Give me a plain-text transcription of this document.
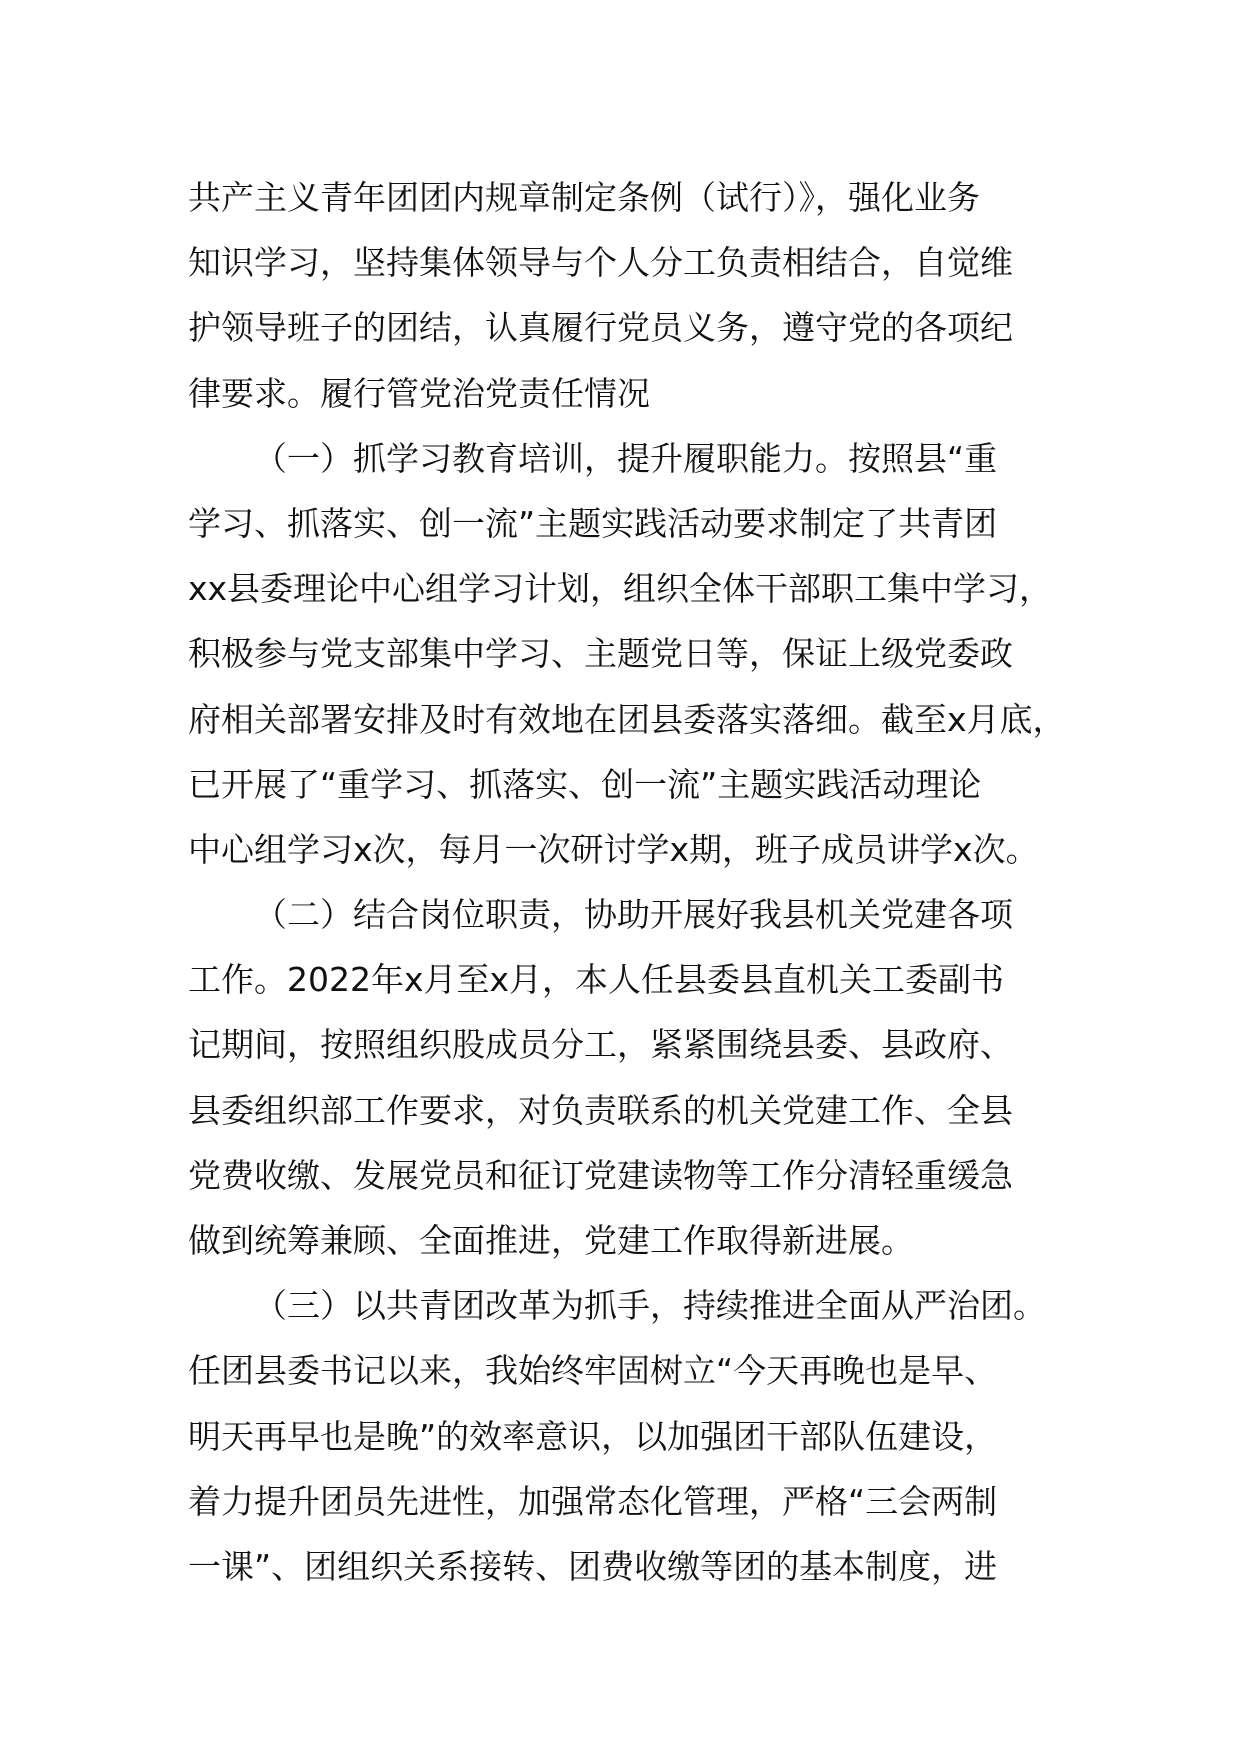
共产主义青年团团内规章制定条例（试行）》，强化业务
知识学习，坚持集体领导与个人分工负责相结合，自觉维
护领导班子的团结，认真履行党员义务，遵守党的各项纪
律要求。履行管党治党责任情况
（一）抓学习教育培训，提升履职能力。按照县“重
学习、抓落实、创一流”主题实践活动要求制定了共青团
xx县委理论中心组学习计划，组织全体干部职工集中学习，
积极参与党支部集中学习、主题党日等，保证上级党委政
府相关部署安排及时有效地在团县委落实落细。截至x月底，
已开展了“重学习、抓落实、创一流”主题实践活动理论
中心组学习x次，每月一次研讨学x期，班子成员讲学x次。
（二）结合岗位职责，协助开展好我县机关党建各项
工作。2022年x月至x月，本人任县委县直机关工委副书
记期间，按照组织股成员分工，紧紧围绕县委、县政府、
县委组织部工作要求，对负责联系的机关党建工作、全县
党费收缴、发展党员和征订党建读物等工作分清轻重缓急
做到统筹兼顾、全面推进，党建工作取得新进展。
（三）以共青团改革为抓手，持续推进全面从严治团。
任团县委书记以来，我始终牢固树立“今天再晚也是早、
明天再早也是晚”的效率意识，以加强团干部队伍建设，
着力提升团员先进性，加强常态化管理，严格“三会两制
一课”、团组织关系接转、团费收缴等团的基本制度，进
